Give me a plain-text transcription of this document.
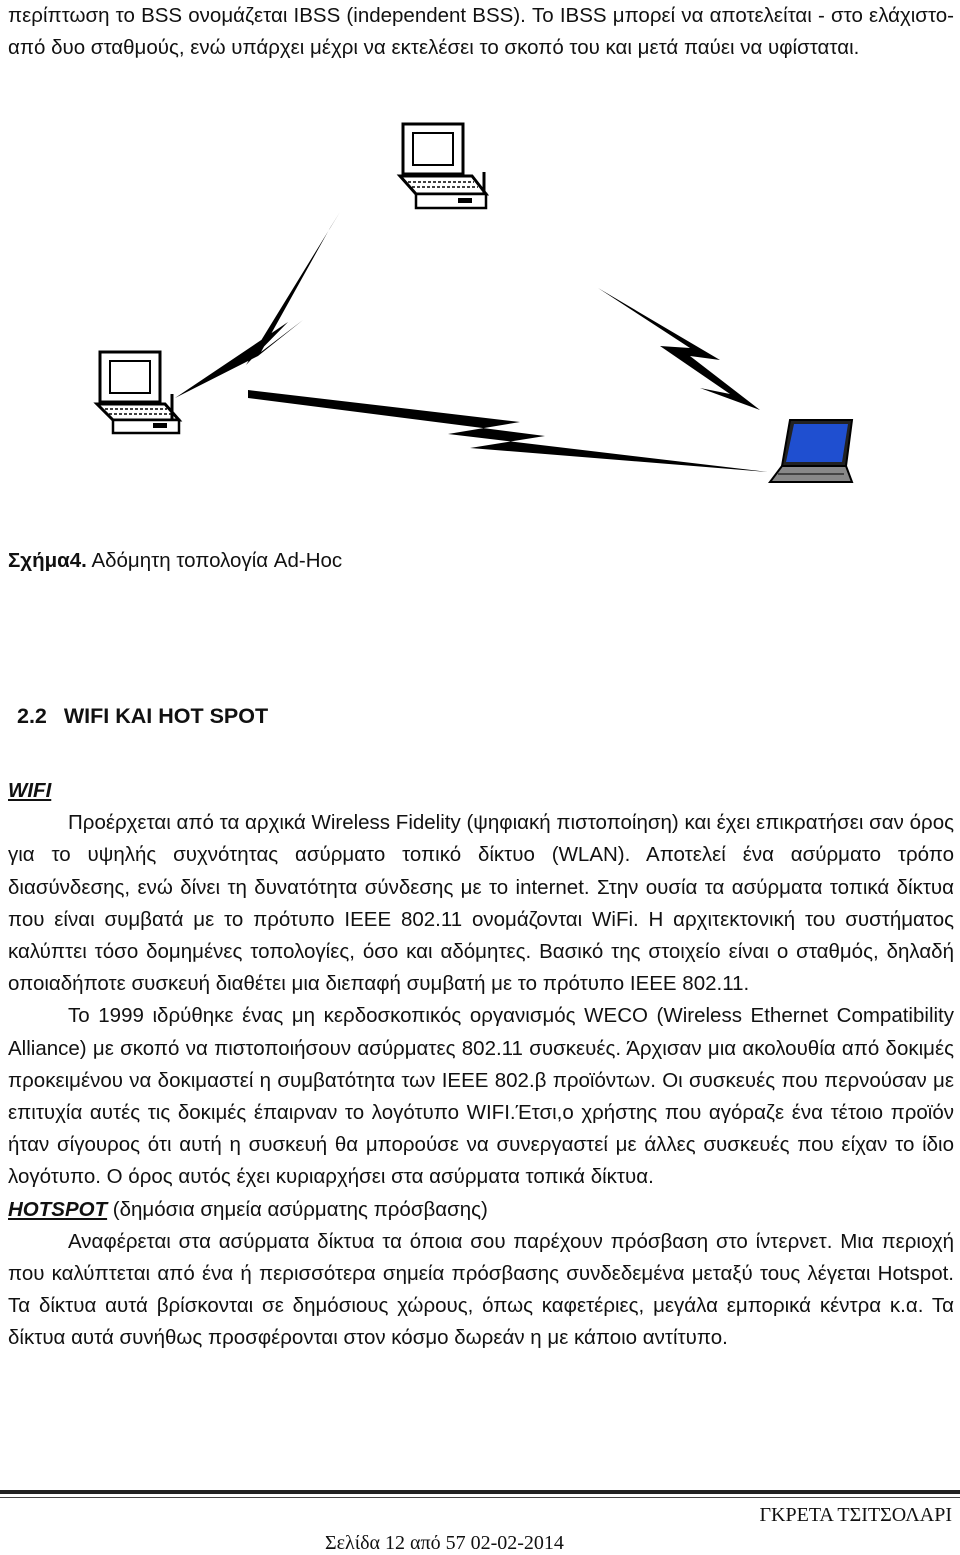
περίπτωση το BSS ονομάζεται IBSS (independent BSS). Το IBSS μπορεί να αποτελείται - στο ελάχιστο- από δυο σταθμούς, ενώ υπάρχει μέχρι να εκτελέσει το σκοπό του και μετά παύει να υφίσταται.

Σχήμα4. Αδόμητη τοπολογία Ad-Hoc
2.2 WIFI ΚΑΙ HOT SPOT

WIFI

Προέρχεται από τα αρχικά Wireless Fidelity (ψηφιακή πιστοποίηση) και έχει επικρατήσει σαν όρος για το υψηλής συχνότητας ασύρματο τοπικό δίκτυο (WLAN). Αποτελεί ένα ασύρματο τρόπο διασύνδεσης, ενώ δίνει τη δυνατότητα σύνδεσης με το internet. Στην ουσία τα ασύρματα τοπικά δίκτυα που είναι συμβατά με το πρότυπο IEEE 802.11 ονομάζονται WiFi. Η αρχιτεκτονική του συστήματος καλύπτει τόσο δομημένες τοπολογίες, όσο και αδόμητες. Βασικό της στοιχείο είναι ο σταθμός, δηλαδή οποιαδήποτε συσκευή διαθέτει μια διεπαφή συμβατή με το πρότυπο IEEE 802.11.

Το 1999 ιδρύθηκε ένας μη κερδοσκοπικός οργανισμός WECO (Wireless Ethernet Compatibility Alliance) με σκοπό να πιστοποιήσουν ασύρματες 802.11 συσκευές. Άρχισαν μια ακολουθία από δοκιμές προκειμένου να δοκιμαστεί η συμβατότητα των IEEE 802.β προϊόντων. Οι συσκευές που περνούσαν με επιτυχία αυτές τις δοκιμές έπαιρναν το λογότυπο WIFI.Έτσι,ο χρήστης που αγόραζε ένα τέτοιο προϊόν ήταν σίγουρος ότι αυτή η συσκευή θα μπορούσε να συνεργαστεί με άλλες συσκευές που είχαν το ίδιο λογότυπο. Ο όρος αυτός έχει κυριαρχήσει στα ασύρματα τοπικά δίκτυα.

HOTSPOT (δημόσια σημεία ασύρματης πρόσβασης)

Αναφέρεται στα ασύρματα δίκτυα τα όποια σου παρέχουν πρόσβαση στο ίντερνετ. Μια περιοχή που καλύπτεται από ένα ή περισσότερα σημεία πρόσβασης συνδεδεμένα μεταξύ τους λέγεται Hotspot. Τα δίκτυα αυτά βρίσκονται σε δημόσιους χώρους, όπως καφετέριες, μεγάλα εμπορικά κέντρα κ.α. Τα δίκτυα αυτά συνήθως προσφέρονται στον κόσμο δωρεάν η με κάποιο αντίτυπο.

ΓΚΡΕΤΑ ΤΣΙΤΣΟΛΑΡΙ
Σελίδα 12 από 57 02-02-2014
